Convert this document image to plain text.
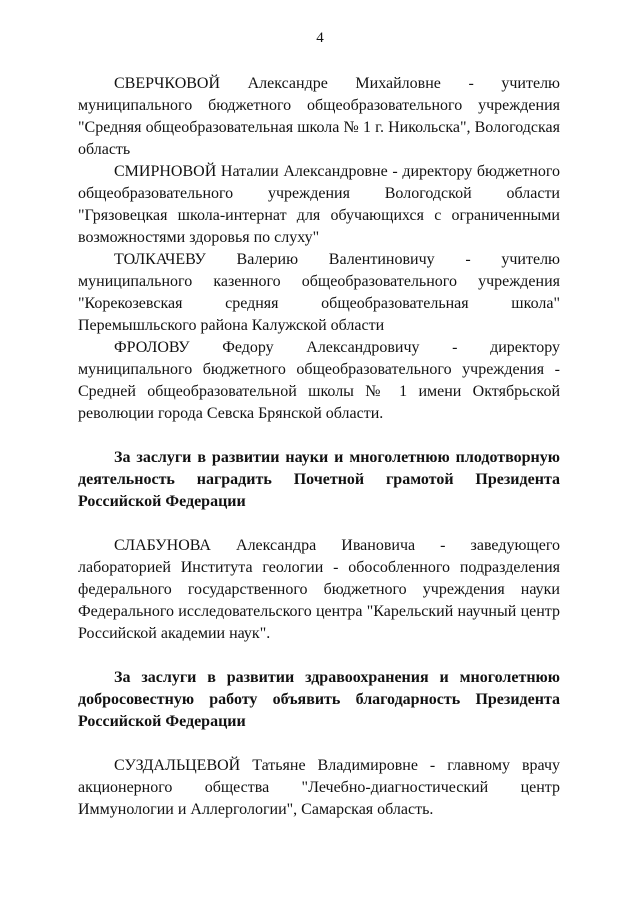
4

СВЕРЧКОВОЙ Александре Михайловне - учителю муниципального бюджетного общеобразовательного учреждения "Средняя общеобразовательная школа № 1 г. Никольска", Вологодская область

СМИРНОВОЙ Наталии Александровне - директору бюджетного общеобразовательного учреждения Вологодской области "Грязовецкая школа-интернат для обучающихся с ограниченными возможностями здоровья по слуху"

ТОЛКАЧЕВУ Валерию Валентиновичу - учителю муниципального казенного общеобразовательного учреждения "Корекозевская средняя общеобразовательная школа" Перемышльского района Калужской области

ФРОЛОВУ Федору Александровичу - директору муниципального бюджетного общеобразовательного учреждения - Средней общеобразовательной школы № 1 имени Октябрьской революции города Севска Брянской области.

За заслуги в развитии науки и многолетнюю плодотворную деятельность наградить Почетной грамотой Президента Российской Федерации

СЛАБУНОВА Александра Ивановича - заведующего лабораторией Института геологии - обособленного подразделения федерального государственного бюджетного учреждения науки Федерального исследовательского центра "Карельский научный центр Российской академии наук".

За заслуги в развитии здравоохранения и многолетнюю добросовестную работу объявить благодарность Президента Российской Федерации

СУЗДАЛЬЦЕВОЙ Татьяне Владимировне - главному врачу акционерного общества "Лечебно-диагностический центр Иммунологии и Аллергологии", Самарская область.
